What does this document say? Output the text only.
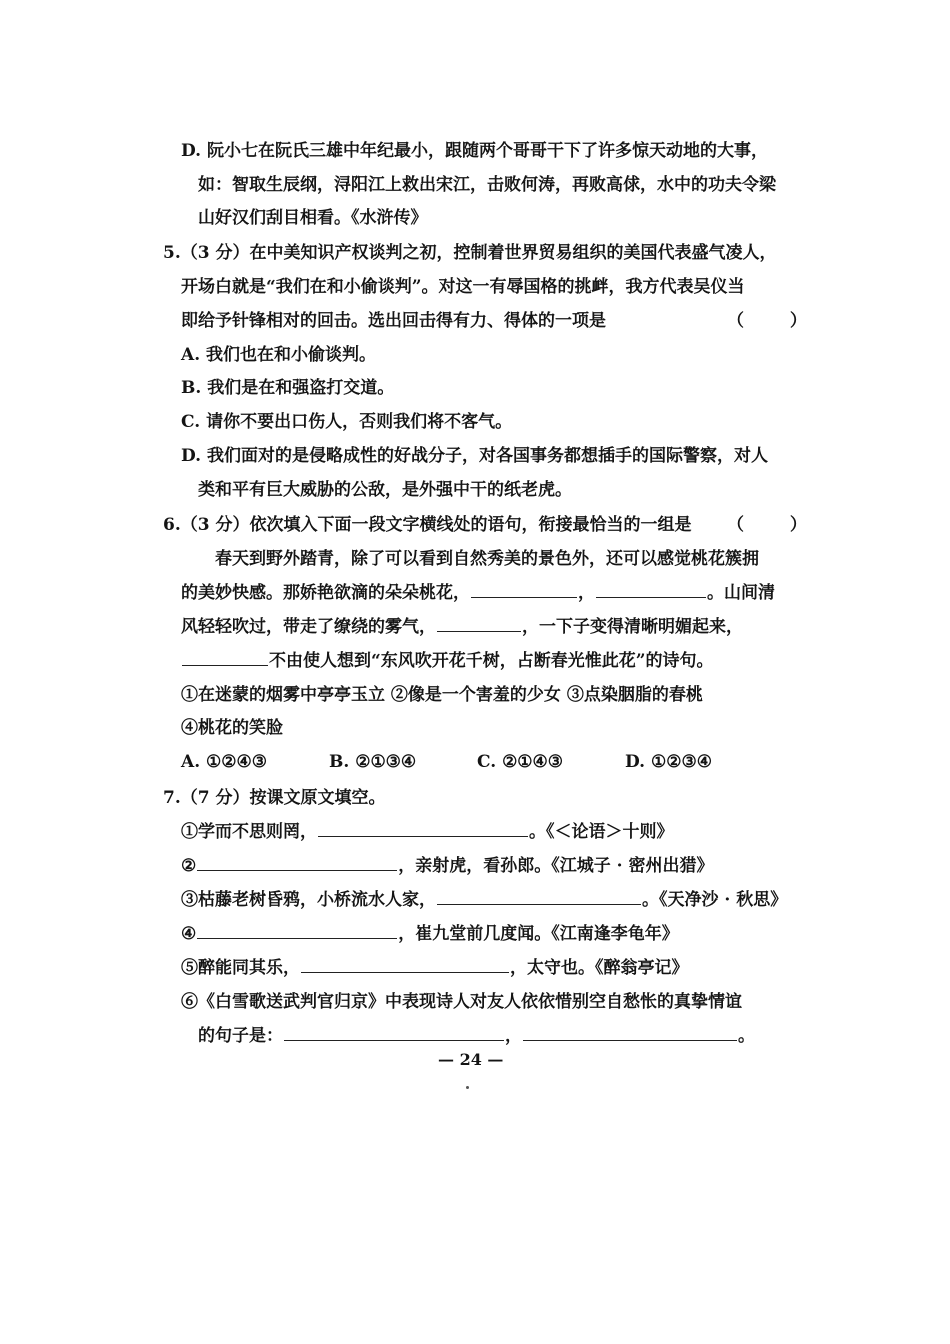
D. 阮小七在阮氏三雄中年纪最小，跟随两个哥哥干下了许多惊天动地的大事，
如：智取生辰纲，浔阳江上救出宋江，击败何涛，再败高俅，水中的功夫令梁
山好汉们刮目相看。《水浒传》
5.（3 分）在中美知识产权谈判之初，控制着世界贸易组织的美国代表盛气凌人，
开场白就是“我们在和小偷谈判”。对这一有辱国格的挑衅，我方代表吴仪当
即给予针锋相对的回击。选出回击得有力、得体的一项是	（ ）
A. 我们也在和小偷谈判。
B. 我们是在和强盗打交道。
C. 请你不要出口伤人，否则我们将不客气。
D. 我们面对的是侵略成性的好战分子，对各国事务都想插手的国际警察，对人
类和平有巨大威胁的公敌，是外强中干的纸老虎。
6.（3 分）依次填入下面一段文字横线处的语句，衔接最恰当的一组是 （ ）
春天到野外踏青，除了可以看到自然秀美的景色外，还可以感觉桃花簇拥
的美妙快感。那娇艳欲滴的朵朵桃花，	，	。山间清
风轻轻吹过，带走了缭绕的雾气，	，一下子变得清晰明媚起来，
不由使人想到“东风吹开花千树，占断春光惟此花”的诗句。
①在迷蒙的烟雾中亭亭玉立 ②像是一个害羞的少女 ③点染胭脂的春桃
④桃花的笑脸
A. ①②④③	B. ②①③④	C. ②①④③	D. ①②③④
7.（7 分）按课文原文填空。
①学而不思则罔，	。《＜论语＞十则》
②	，亲射虎，看孙郎。《江城子 · 密州出猎》
③枯藤老树昏鸦，小桥流水人家，	。《天净沙 · 秋思》
④	，崔九堂前几度闻。《江南逢李龟年》
⑤醉能同其乐，	，太守也。《醉翁亭记》
⑥《白雪歌送武判官归京》中表现诗人对友人依依惜别空自愁怅的真挚情谊
的句子是：	，	。
— 24 —
